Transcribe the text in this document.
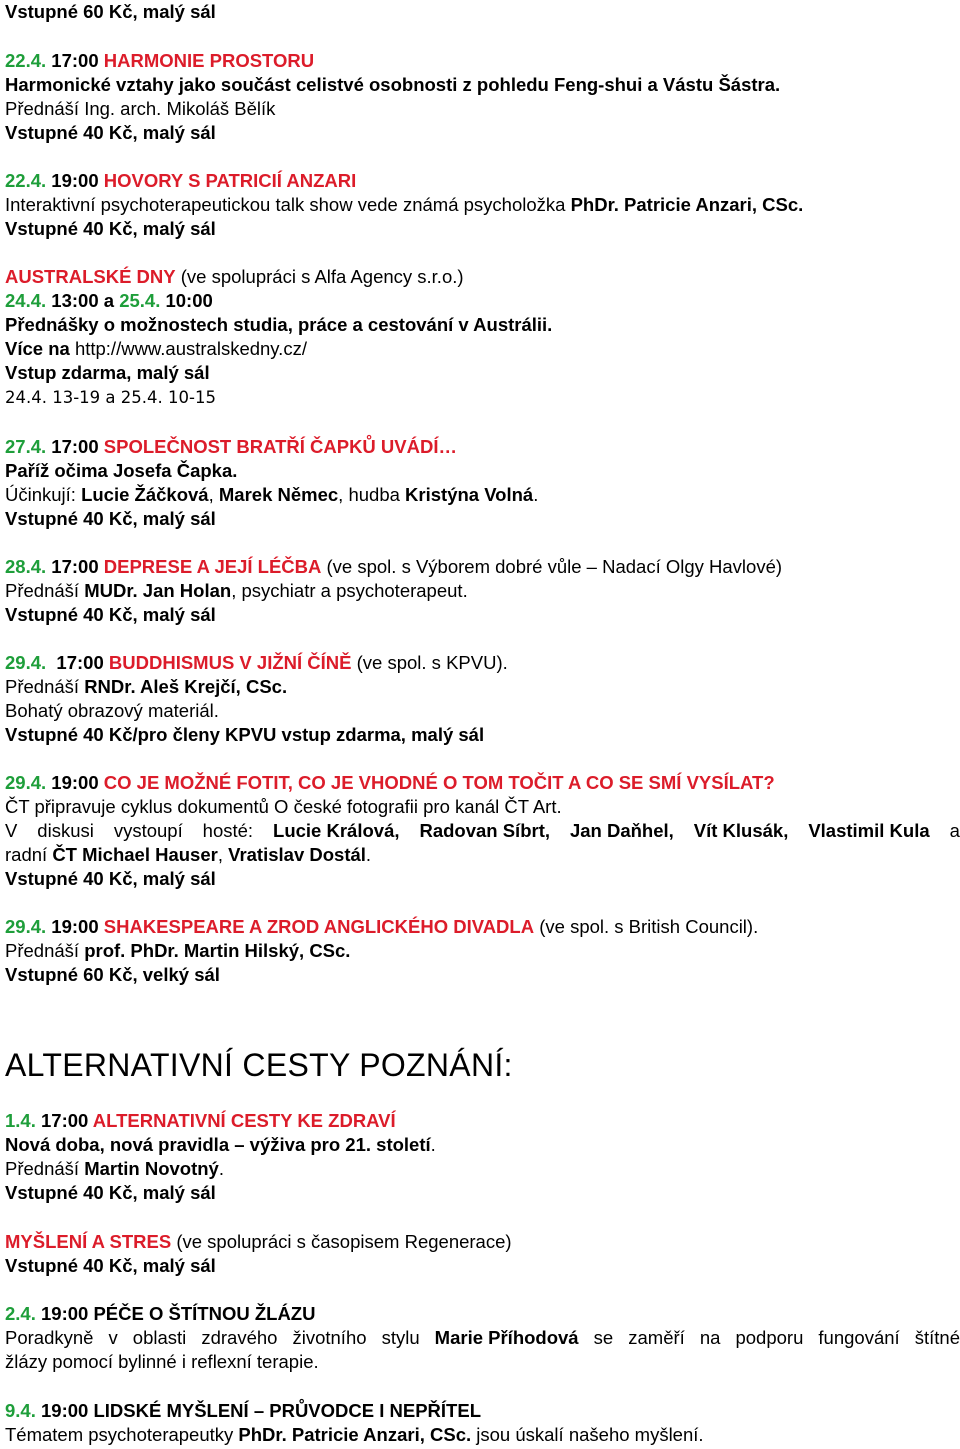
Vstupné 60 Kč, malý sál
22.4. 17:00 HARMONIE PROSTORU
Harmonické vztahy jako součást celistvé osobnosti z pohledu Feng-shui a Vástu Šástra.
Přednáší Ing. arch. Mikoláš Bělík
Vstupné 40 Kč, malý sál
22.4. 19:00 HOVORY S PATRICIÍ ANZARI
Interaktivní psychoterapeutickou talk show vede známá psycholožka PhDr. Patricie Anzari, CSc.
Vstupné 40 Kč, malý sál
AUSTRALSKÉ DNY (ve spolupráci s Alfa Agency s.r.o.)
24.4. 13:00 a 25.4. 10:00
Přednášky o možnostech studia, práce a cestování v Austrálii.
Více na http://www.australskedny.cz/
Vstup zdarma, malý sál
24.4. 13-19 a 25.4. 10-15
27.4. 17:00 SPOLEČNOST BRATŘÍ ČAPKŮ UVÁDÍ…
Paříž očima Josefa Čapka.
Účinkují: Lucie Žáčková, Marek Němec, hudba Kristýna Volná.
Vstupné 40 Kč, malý sál
28.4. 17:00 DEPRESE A JEJÍ LÉČBA (ve spol. s Výborem dobré vůle – Nadací Olgy Havlové)
Přednáší MUDr. Jan Holan, psychiatr a psychoterapeut.
Vstupné 40 Kč, malý sál
29.4.  17:00 BUDDHISMUS V JIŽNÍ ČÍNĚ (ve spol. s KPVU).
Přednáší RNDr. Aleš Krejčí, CSc.
Bohatý obrazový materiál.
Vstupné 40 Kč/pro členy KPVU vstup zdarma, malý sál
29.4. 19:00 CO JE MOŽNÉ FOTIT, CO JE VHODNÉ O TOM TOČIT A CO SE SMÍ VYSÍLAT?
ČT připravuje cyklus dokumentů O české fotografii pro kanál ČT Art.
V diskusi vystoupí hosté: Lucie Králová, Radovan Síbrt, Jan Daňhel, Vít Klusák, Vlastimil Kula a
radní ČT Michael Hauser, Vratislav Dostál.
Vstupné 40 Kč, malý sál
29.4. 19:00 SHAKESPEARE A ZROD ANGLICKÉHO DIVADLA (ve spol. s British Council).
Přednáší prof. PhDr. Martin Hilský, CSc.
Vstupné 60 Kč, velký sál
ALTERNATIVNÍ CESTY POZNÁNÍ:
1.4. 17:00 ALTERNATIVNÍ CESTY KE ZDRAVÍ
Nová doba, nová pravidla – výživa pro 21. století.
Přednáší Martin Novotný.
Vstupné 40 Kč, malý sál
MYŠLENÍ A STRES (ve spolupráci s časopisem Regenerace)
Vstupné 40 Kč, malý sál
2.4. 19:00 PÉČE O ŠTÍTNOU ŽLÁZU
Poradkyně v oblasti zdravého životního stylu Marie Příhodová se zaměří na podporu fungování štítné
žlázy pomocí bylinné i reflexní terapie.
9.4. 19:00 LIDSKÉ MYŠLENÍ – PRŮVODCE I NEPŘÍTEL
Tématem psychoterapeutky PhDr. Patricie Anzari, CSc. jsou úskalí našeho myšlení.
